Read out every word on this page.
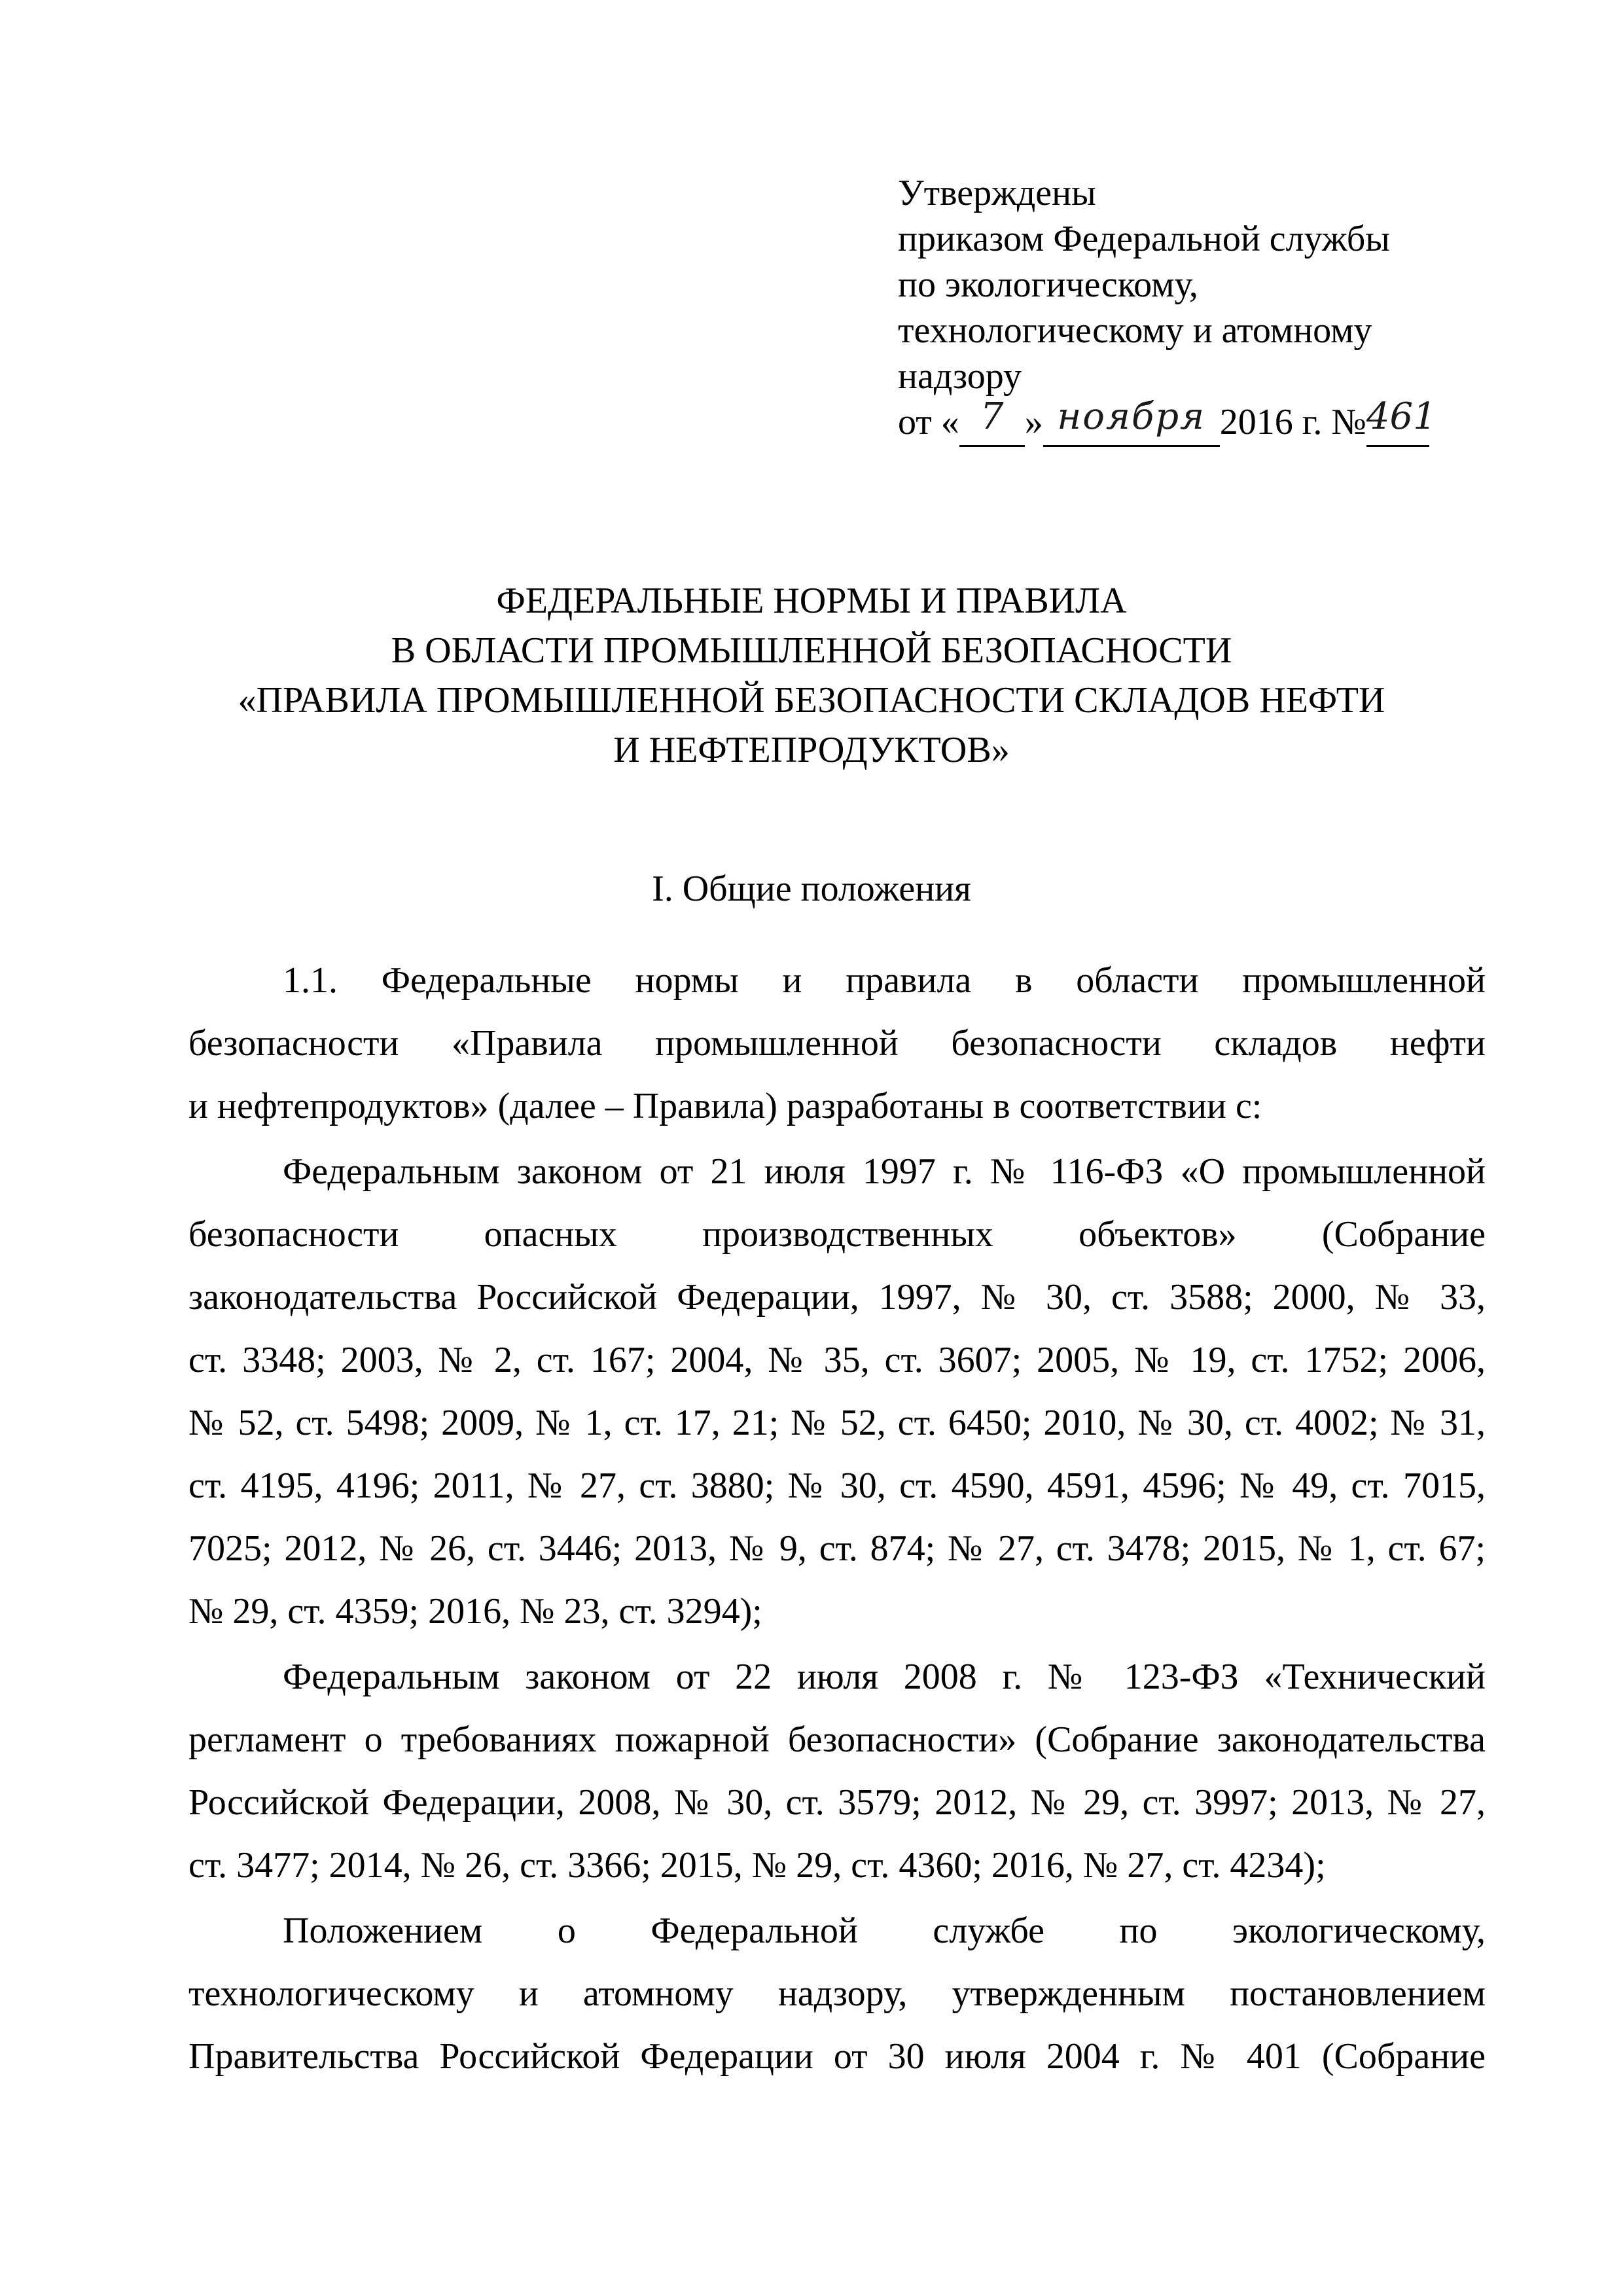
Утверждены
приказом Федеральной службы
по экологическому,
технологическому и атомному
надзору
от « 7 » ноября 2016 г. №461
ФЕДЕРАЛЬНЫЕ НОРМЫ И ПРАВИЛА
В ОБЛАСТИ ПРОМЫШЛЕННОЙ БЕЗОПАСНОСТИ
«ПРАВИЛА ПРОМЫШЛЕННОЙ БЕЗОПАСНОСТИ СКЛАДОВ НЕФТИ
И НЕФТЕПРОДУКТОВ»
I. Общие положения
1.1. Федеральные нормы и правила в области промышленной
безопасности «Правила промышленной безопасности складов нефти
и нефтепродуктов» (далее – Правила) разработаны в соответствии с:
Федеральным законом от 21 июля 1997 г. № 116-ФЗ «О промышленной
безопасности опасных производственных объектов» (Собрание
законодательства Российской Федерации, 1997, № 30, ст. 3588; 2000, № 33,
ст. 3348; 2003, № 2, ст. 167; 2004, № 35, ст. 3607; 2005, № 19, ст. 1752; 2006,
№ 52, ст. 5498; 2009, № 1, ст. 17, 21; № 52, ст. 6450; 2010, № 30, ст. 4002; № 31,
ст. 4195, 4196; 2011, № 27, ст. 3880; № 30, ст. 4590, 4591, 4596; № 49, ст. 7015,
7025; 2012, № 26, ст. 3446; 2013, № 9, ст. 874; № 27, ст. 3478; 2015, № 1, ст. 67;
№ 29, ст. 4359; 2016, № 23, ст. 3294);
Федеральным законом от 22 июля 2008 г. № 123-ФЗ «Технический
регламент о требованиях пожарной безопасности» (Собрание законодательства
Российской Федерации, 2008, № 30, ст. 3579; 2012, № 29, ст. 3997; 2013, № 27,
ст. 3477; 2014, № 26, ст. 3366; 2015, № 29, ст. 4360; 2016, № 27, ст. 4234);
Положением о Федеральной службе по экологическому,
технологическому и атомному надзору, утвержденным постановлением
Правительства Российской Федерации от 30 июля 2004 г. № 401 (Собрание
